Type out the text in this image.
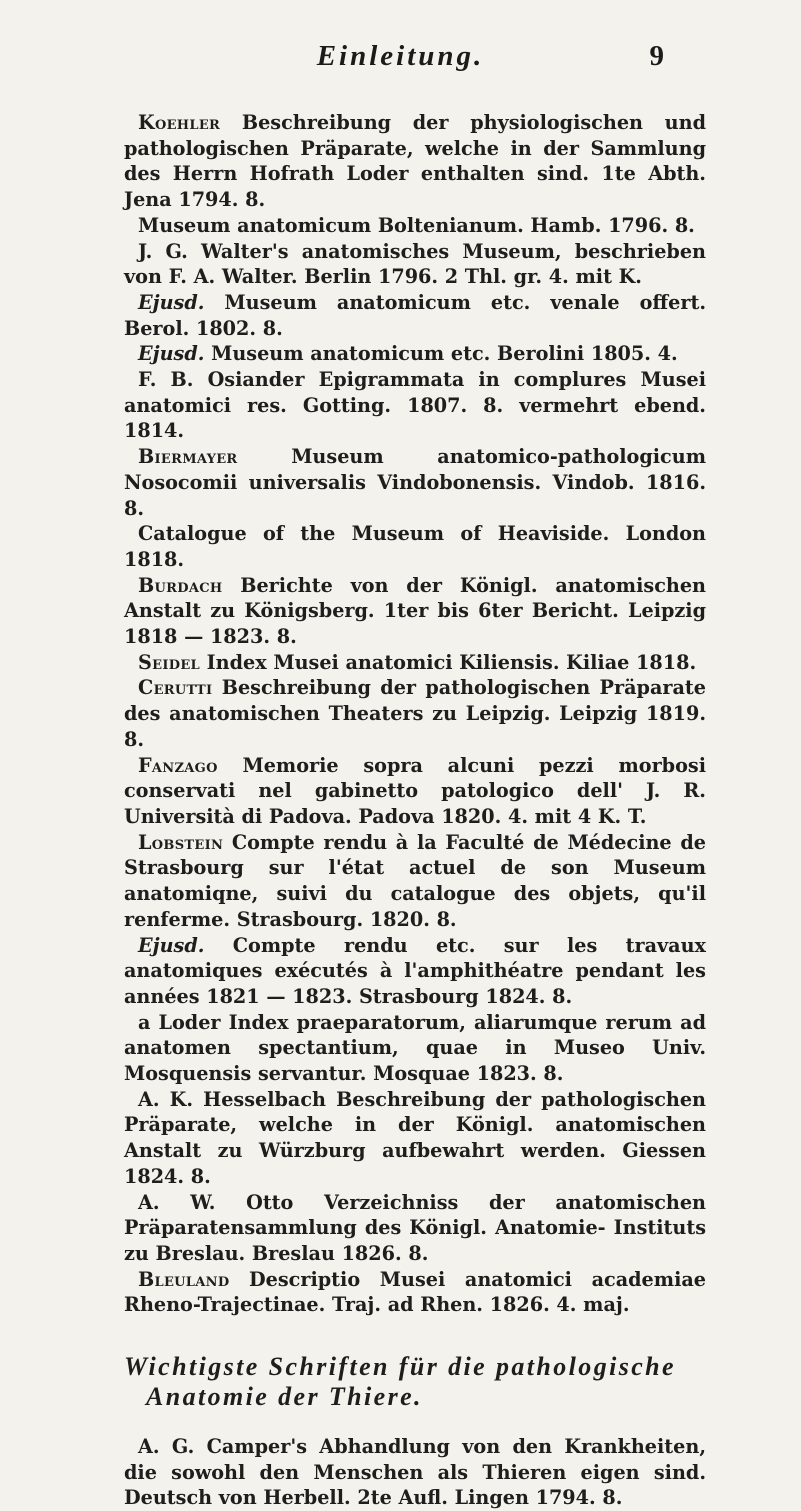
Einleitung.	9

Koehler Beschreibung der physiologischen und pathologischen Präparate, welche in der Sammlung des Herrn Hofrath Loder enthalten sind. 1te Abth. Jena 1794. 8.

Museum anatomicum Boltenianum. Hamb. 1796. 8.

J. G. Walter's anatomisches Museum, beschrieben von F. A. Walter. Berlin 1796. 2 Thl. gr. 4. mit K.

Ejusd. Museum anatomicum etc. venale offert. Berol. 1802. 8.

Ejusd. Museum anatomicum etc. Berolini 1805. 4.

F. B. Osiander Epigrammata in complures Musei anatomici res. Gotting. 1807. 8. vermehrt ebend. 1814.

Biermayer Museum anatomico-pathologicum Nosocomii universalis Vindobonensis. Vindob. 1816. 8.

Catalogue of the Museum of Heaviside. London 1818.

Burdach Berichte von der Königl. anatomischen Anstalt zu Königsberg. 1ter bis 6ter Bericht. Leipzig 1818 — 1823. 8.

Seidel Index Musei anatomici Kiliensis. Kiliae 1818.

Cerutti Beschreibung der pathologischen Präparate des anatomischen Theaters zu Leipzig. Leipzig 1819. 8.

Fanzago Memorie sopra alcuni pezzi morbosi conservati nel gabinetto patologico dell' J. R. Università di Padova. Padova 1820. 4. mit 4 K. T.

Lobstein Compte rendu à la Faculté de Médecine de Strasbourg sur l'état actuel de son Museum anatomiqne, suivi du catalogue des objets, qu'il renferme. Strasbourg. 1820. 8.

Ejusd. Compte rendu etc. sur les travaux anatomiques exécutés à l'amphithéatre pendant les années 1821 — 1823. Strasbourg 1824. 8.

a Loder Index praeparatorum, aliarumque rerum ad anatomen spectantium, quae in Museo Univ. Mosquensis servantur. Mosquae 1823. 8.

A. K. Hesselbach Beschreibung der pathologischen Präparate, welche in der Königl. anatomischen Anstalt zu Würzburg aufbewahrt werden. Giessen 1824. 8.

A. W. Otto Verzeichniss der anatomischen Präparatensammlung des Königl. Anatomie- Instituts zu Breslau. Breslau 1826. 8.

Bleuland Descriptio Musei anatomici academiae Rheno-Trajectinae. Traj. ad Rhen. 1826. 4. maj.

Wichtigste Schriften für die pathologische
Anatomie der Thiere.

A. G. Camper's Abhandlung von den Krankheiten, die sowohl den Menschen als Thieren eigen sind. Deutsch von Herbell. 2te Aufl. Lingen 1794. 8.
